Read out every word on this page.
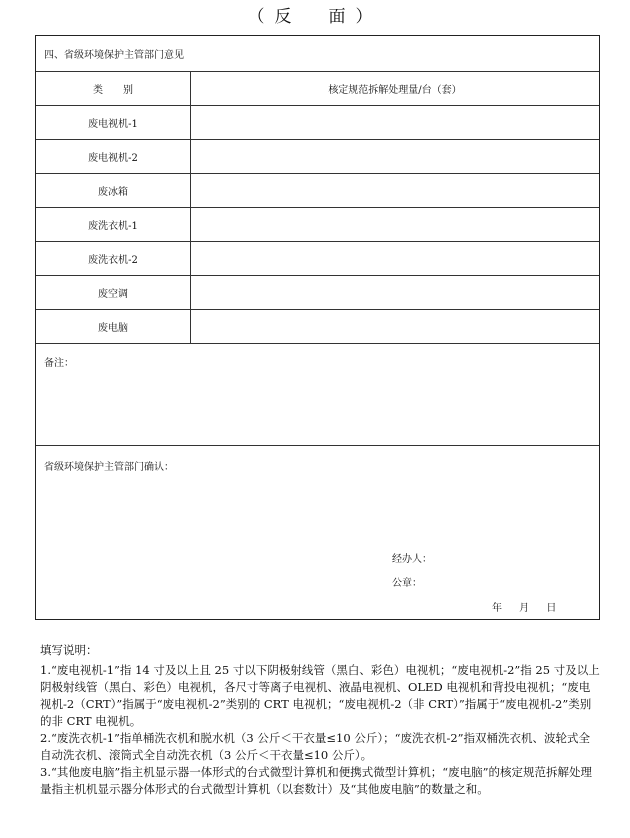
（反　面）
四、省级环境保护主管部门意见
类　　别	核定规范拆解处理量/台（套）
废电视机-1
废电视机-2
废冰箱
废洗衣机-1
废洗衣机-2
废空调
废电脑
备注：
省级环境保护主管部门确认：
经办人：
公章：
年 月 日

填写说明：

1.“废电视机-1”指 14 寸及以上且 25 寸以下阴极射线管（黑白、彩色）电视机；“废电视机-2”指 25 寸及以上阴极射线管（黑白、彩色）电视机，各尺寸等离子电视机、液晶电视机、OLED 电视机和背投电视机；“废电视机-2（CRT）”指属于“废电视机-2”类别的 CRT 电视机；“废电视机-2（非 CRT）”指属于“废电视机-2”类别的非 CRT 电视机。

2.“废洗衣机-1”指单桶洗衣机和脱水机（3 公斤＜干衣量≤10 公斤）；“废洗衣机-2”指双桶洗衣机、波轮式全自动洗衣机、滚筒式全自动洗衣机（3 公斤＜干衣量≤10 公斤）。

3.“其他废电脑”指主机显示器一体形式的台式微型计算机和便携式微型计算机；“废电脑”的核定规范拆解处理量指主机机显示器分体形式的台式微型计算机（以套数计）及“其他废电脑”的数量之和。
